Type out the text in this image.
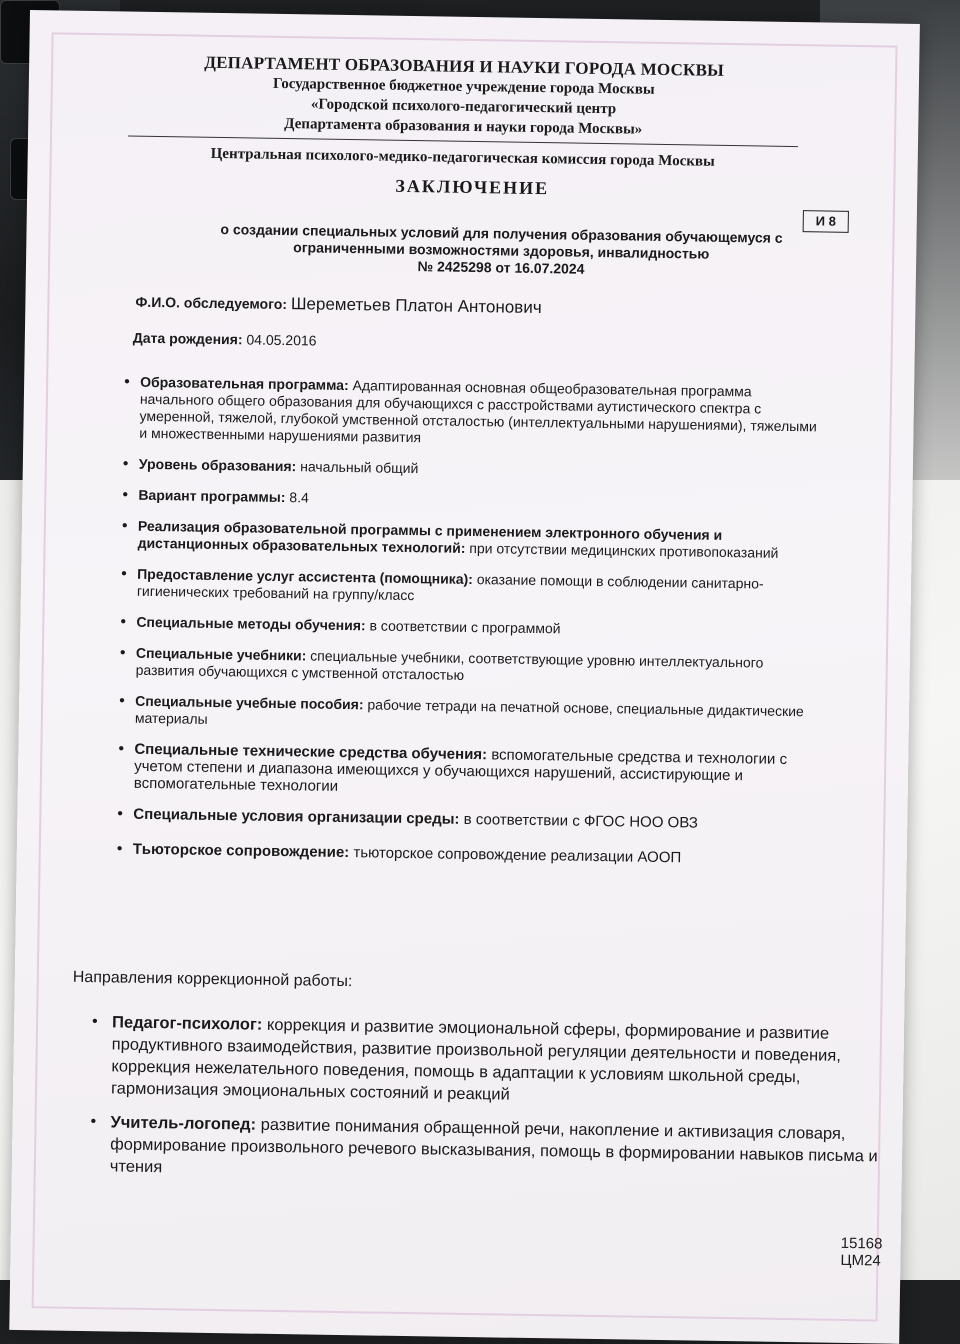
ДЕПАРТАМЕНТ ОБРАЗОВАНИЯ И НАУКИ ГОРОДА МОСКВЫ
Государственное бюджетное учреждение города Москвы
«Городской психолого-педагогический центр
Департамента образования и науки города Москвы»
Центральная психолого-медико-педагогическая комиссия города Москвы
ЗАКЛЮЧЕНИЕ
И 8
о создании специальных условий для получения образования обучающемуся с
ограниченными возможностями здоровья, инвалидностью
№ 2425298 от 16.07.2024
Ф.И.О. обследуемого: Шереметьев Платон Антонович
Дата рождения: 04.05.2016
• Образовательная программа: Адаптированная основная общеобразовательная программа начального общего образования для обучающихся с расстройствами аутистического спектра с умеренной, тяжелой, глубокой умственной отсталостью (интеллектуальными нарушениями), тяжелыми и множественными нарушениями развития
• Уровень образования: начальный общий
• Вариант программы: 8.4
• Реализация образовательной программы с применением электронного обучения и дистанционных образовательных технологий: при отсутствии медицинских противопоказаний
• Предоставление услуг ассистента (помощника): оказание помощи в соблюдении санитарно-гигиенических требований на группу/класс
• Специальные методы обучения: в соответствии с программой
• Специальные учебники: специальные учебники, соответствующие уровню интеллектуального развития обучающихся с умственной отсталостью
• Специальные учебные пособия: рабочие тетради на печатной основе, специальные дидактические материалы
• Специальные технические средства обучения: вспомогательные средства и технологии с учетом степени и диапазона имеющихся у обучающихся нарушений, ассистирующие и вспомогательные технологии
• Специальные условия организации среды: в соответствии с ФГОС НОО ОВЗ
• Тьюторское сопровождение: тьюторское сопровождение реализации АООП
Направления коррекционной работы:
• Педагог-психолог: коррекция и развитие эмоциональной сферы, формирование и развитие продуктивного взаимодействия, развитие произвольной регуляции деятельности и поведения, коррекция нежелательного поведения, помощь в адаптации к условиям школьной среды, гармонизация эмоциональных состояний и реакций
• Учитель-логопед: развитие понимания обращенной речи, накопление и активизация словаря, формирование произвольного речевого высказывания, помощь в формировании навыков письма и чтения
15168 ЦМ24
